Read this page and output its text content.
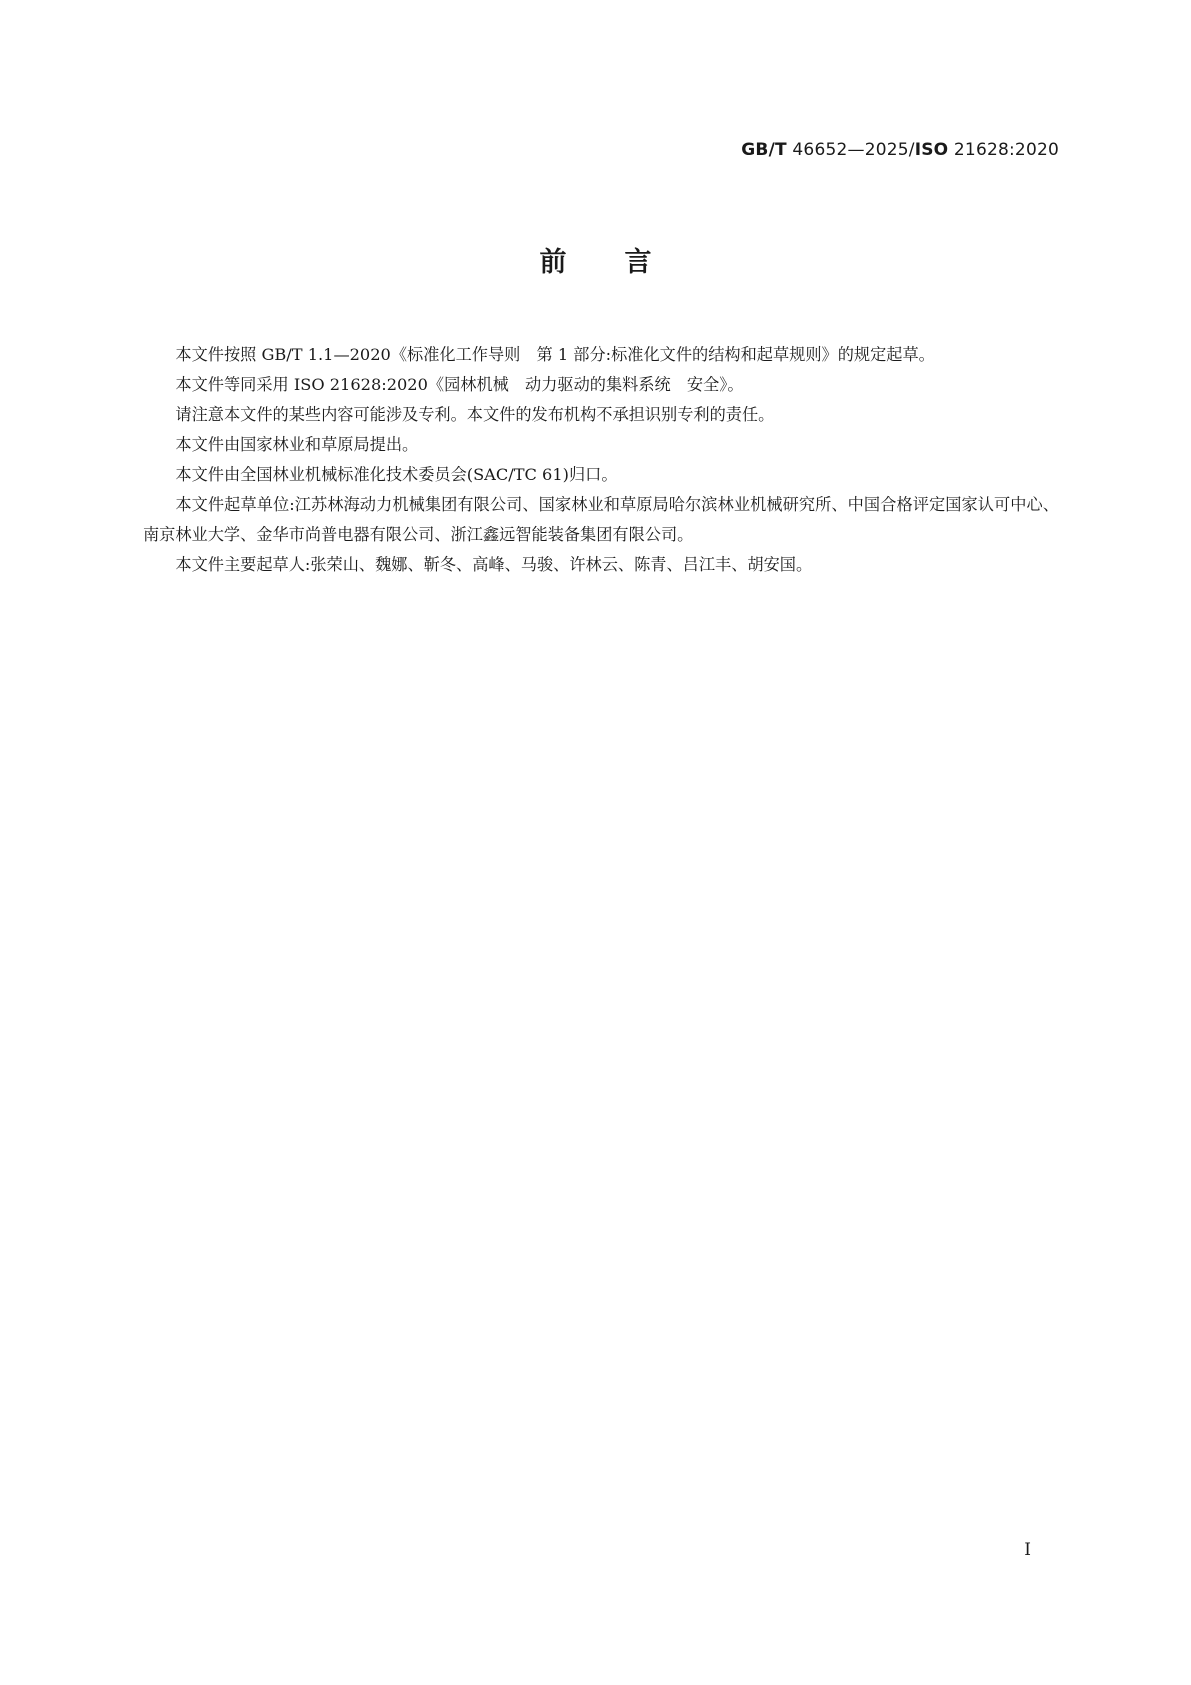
GB/T 46652—2025/ISO 21628:2020
前言

本文件按照 GB/T 1.1—2020《标准化工作导则　第 1 部分:标准化文件的结构和起草规则》的规定起草。

本文件等同采用 ISO 21628:2020《园林机械　动力驱动的集料系统　安全》。

请注意本文件的某些内容可能涉及专利。本文件的发布机构不承担识别专利的责任。

本文件由国家林业和草原局提出。

本文件由全国林业机械标准化技术委员会(SAC/TC 61)归口。

本文件起草单位:江苏林海动力机械集团有限公司、国家林业和草原局哈尔滨林业机械研究所、中国合格评定国家认可中心、南京林业大学、金华市尚普电器有限公司、浙江鑫远智能装备集团有限公司。

本文件主要起草人:张荣山、魏娜、靳冬、高峰、马骏、许林云、陈青、吕江丰、胡安国。

I
